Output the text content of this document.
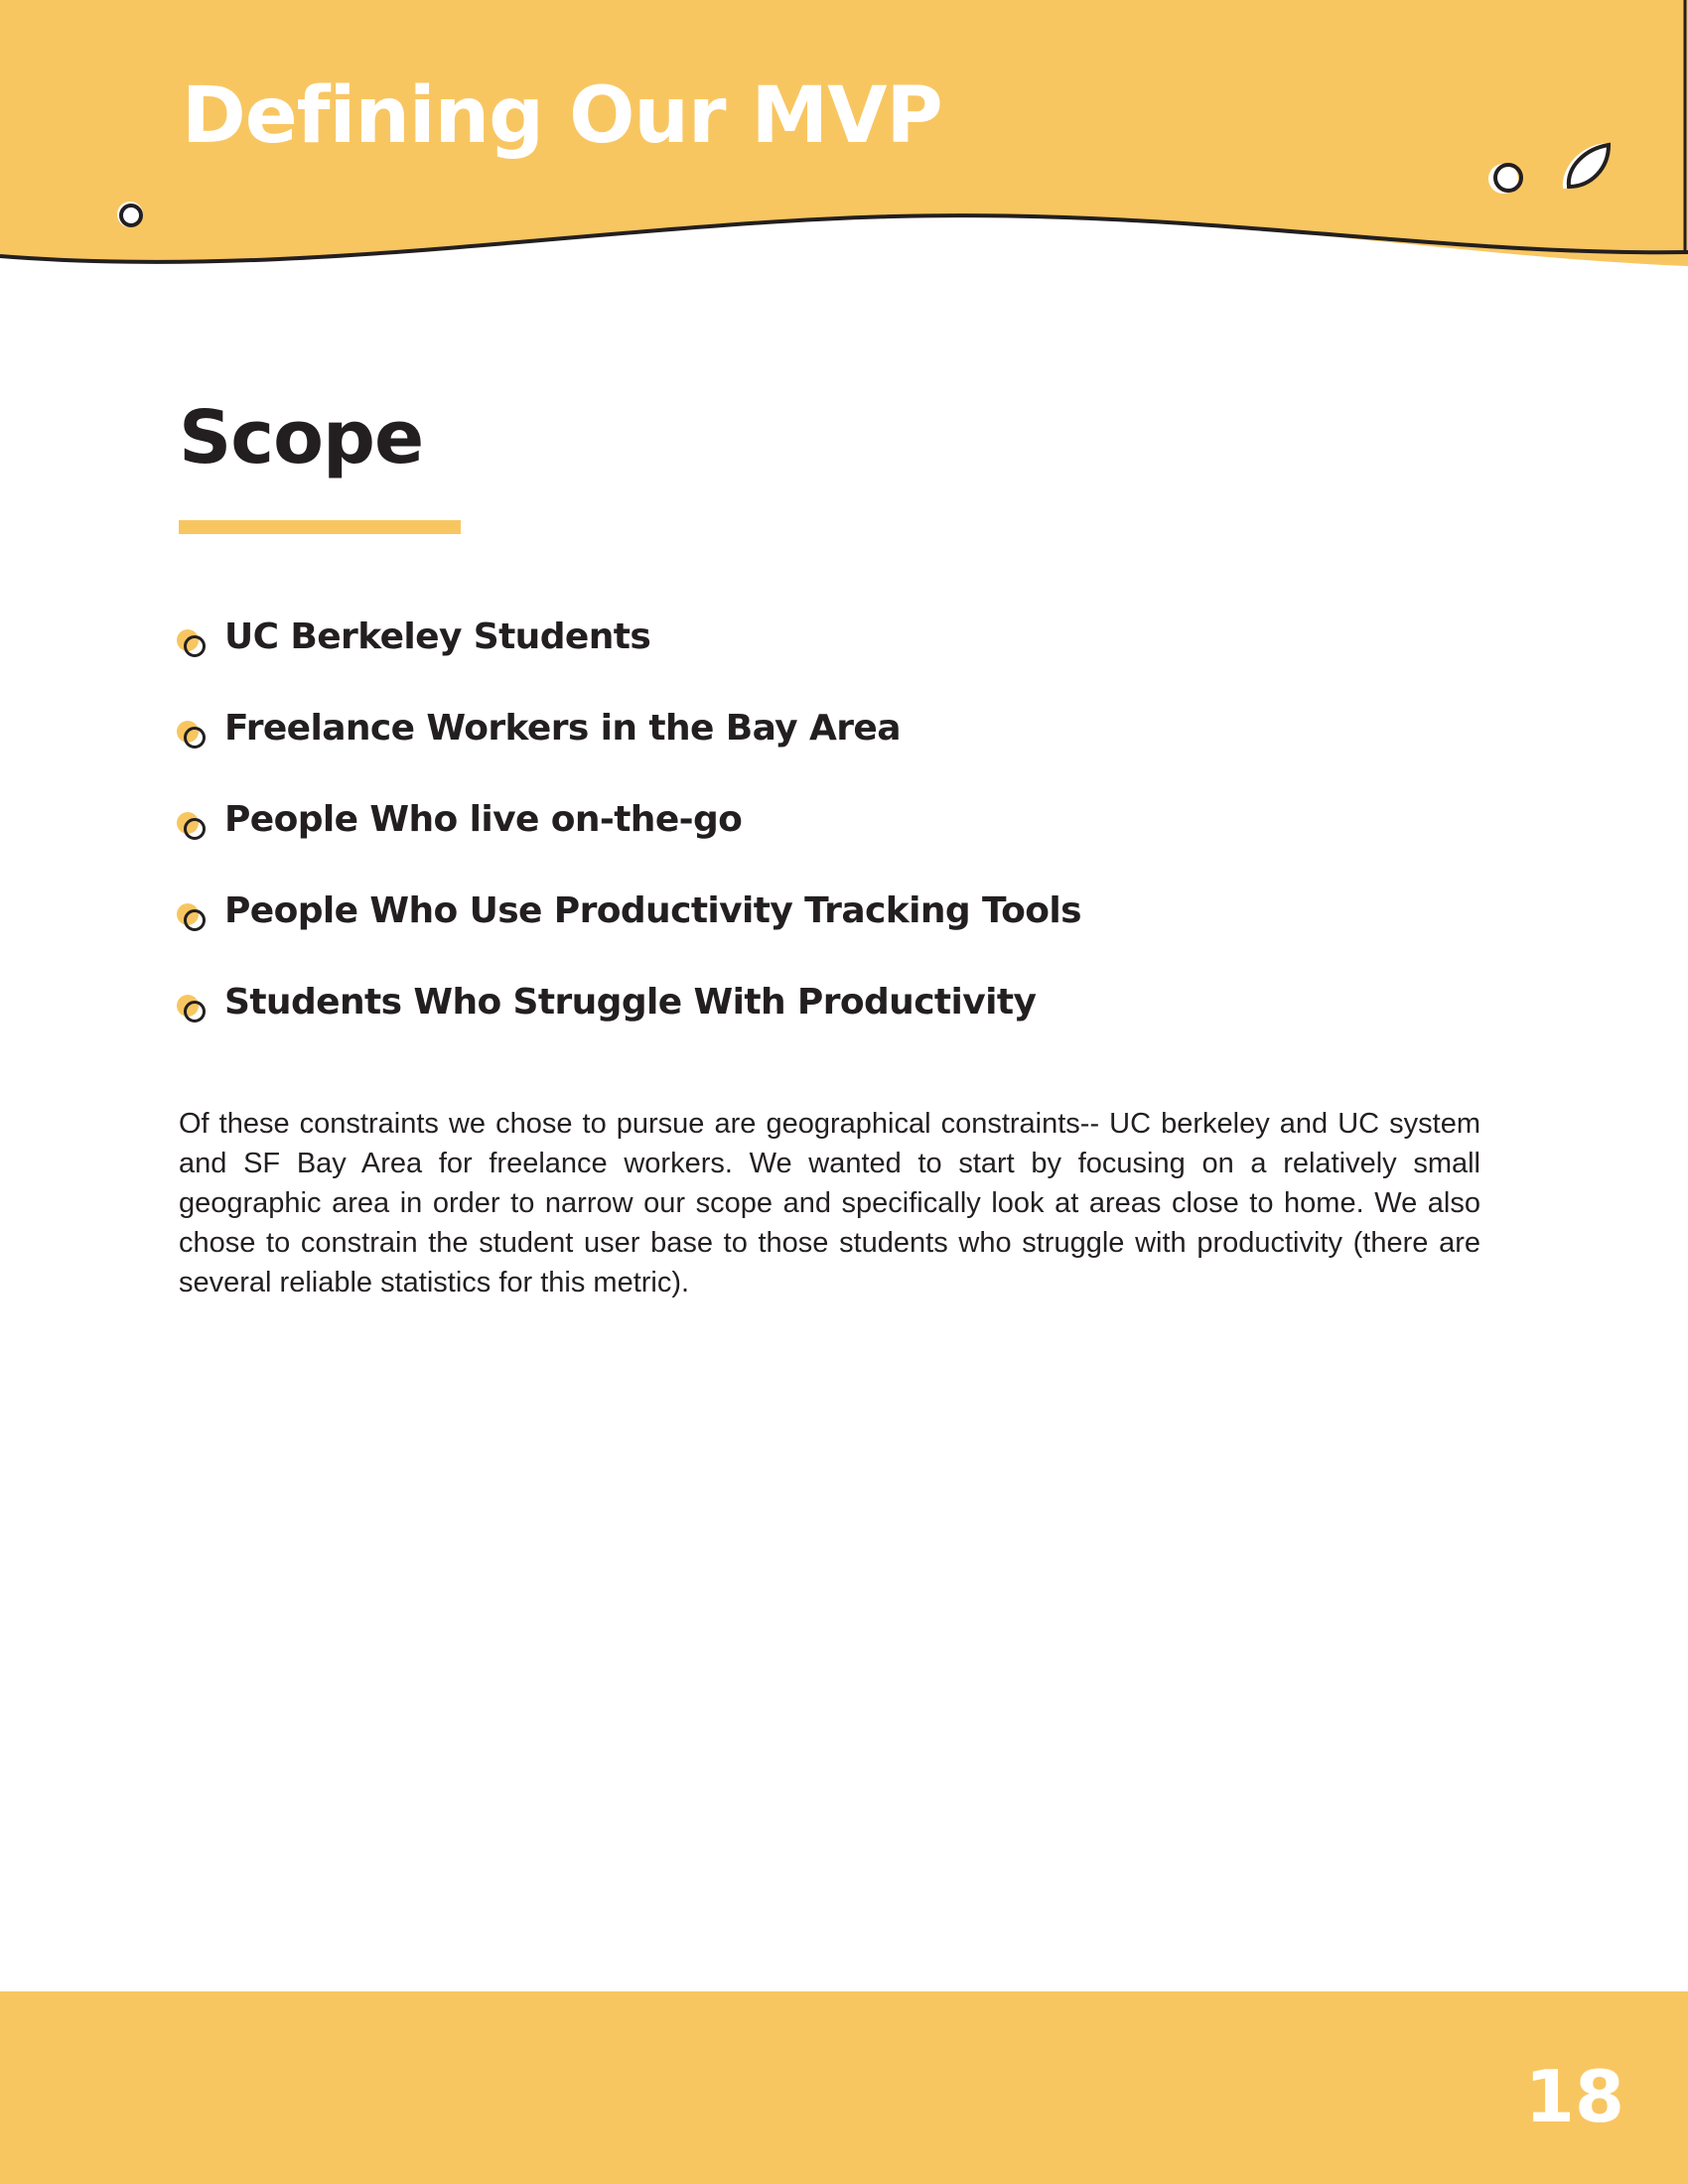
Defining Our MVP
Scope
UC Berkeley Students
Freelance Workers in the Bay Area
People Who live on-the-go
People Who Use Productivity Tracking Tools
Students Who Struggle With Productivity

Of these constraints we chose to pursue are geographical constraints-- UC berkeley and UC system and SF Bay Area for freelance workers. We wanted to start by focusing on a relatively small geographic area in order to narrow our scope and specifically look at areas close to home. We also chose to constrain the student user base to those students who struggle with productivity (there are several reliable statistics for this metric).

18
